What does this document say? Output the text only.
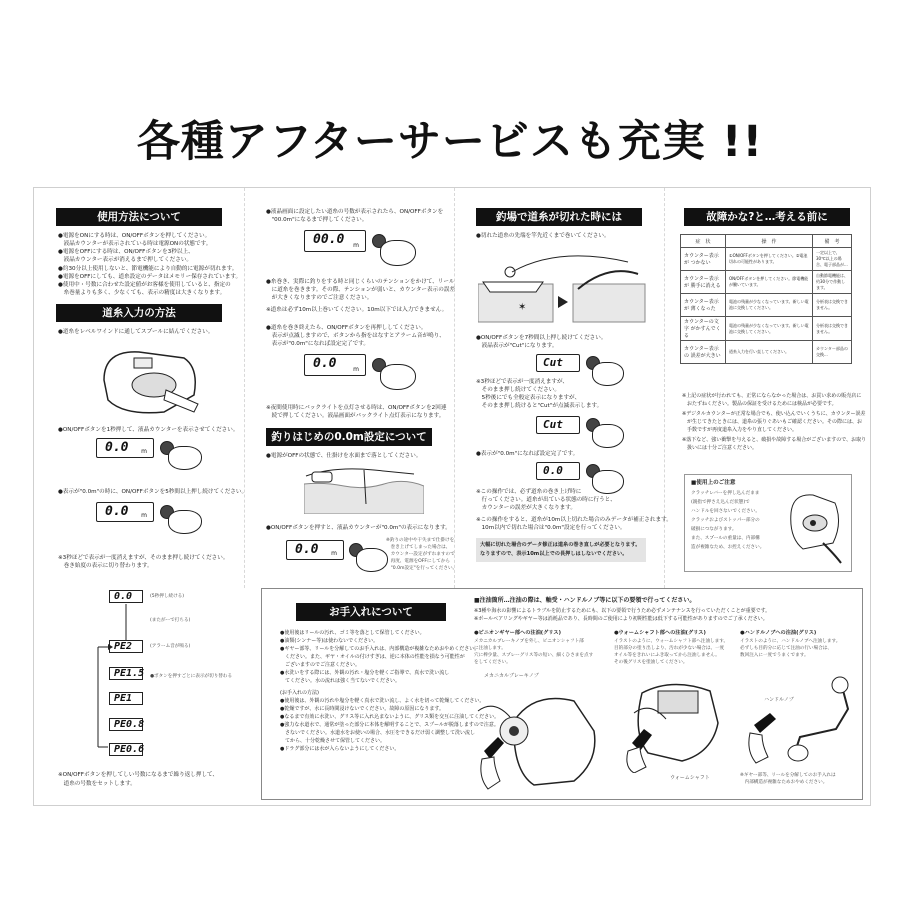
各種アフターサービスも充実 !!
使用方法について
●電源をONにする時は、ON/OFFボタンを押してください。
　液晶カウンターが表示されている時は電源ONの状態です。
●電源をOFFにする時は、ON/OFFボタンを3秒以上、
　液晶カウンター表示が消えるまで押してください。
●約30分以上使用しないと、節電機能により自動的に電源が切れます。
●電源をOFFにしても、道糸設定のデータはメモリー保存されています。
●使用中・号数に合わせた設定値がお客様を使用していると、指定の
　糸巻量よりも多く、少なくても、表示の精度は大きくなります。
道糸入力の方法
●道糸をレベルワインドに通してスプールに結んでください。
●ON/OFFボタンを1秒押して、液晶カウンターを表示させてください。
0.0 m
●表示が"0.0m"の時に、ON/OFFボタンを5秒間以上押し続けてください。
0.0 m
※3秒ほどで表示が一度消えますが、そのまま押し続けてください。
　巻き始度の表示に切り替わります。
0.0	(5秒押し続ける)
(またがーで打ちる)
(アラーム音が鳴る)
PE2
PE1.5
PE1
PE0.8
PE0.6
●ボタンを押すごとに表示が切り替わる
※ON/OFFボタンを押してしい号数になるまで繰り返し押して、
　道糸の号数をセットします。
●液晶画面に設定したい道糸の号数が表示されたら、ON/OFFボタンを
　"00.0m"になるまで押してください。
00.0 m
●糸巻き、実際に釣りをする時と同じくらいのテンションをかけて、リール
　に道糸を巻きます。その際、テンションが弱いと、カウンター表示の誤差
　が大きくなりますのでご注意ください。
※道糸は必ず10m以上巻いてください。10m以下では入力できません。
●道糸を巻き終えたら、ON/OFFボタンを再押ししてください。
　表示が点滅しますので、ボタンから指をはなすとアラーム音が鳴り、
　表示が"0.0m"になれば設定完了です。
0.0	m
※夜間使用時にバックライトを点灯させる時は、ON/OFFボタンを2回連
　続で押してください。液晶画面がバックライト点灯表示になります。
釣りはじめの0.0m設定について
●電源がOFFの状態で、仕掛けを水面まで落としてください。
●ON/OFFボタンを押すと、液晶カウンターが"0.0m"の表示になります。
0.0 m
※釣りの途中や干失まで仕掛けを
　巻き上げてしまった場合は、
　カウンター設定がずれますので
　再度、電源をOFFにしてから
　"0.0m設定"を行ってください。
釣場で道糸が切れた時には
●切れた道糸の先端を竿先近くまで巻いてください。
✶
●ON/OFFボタンを7秒間以上押し続けてください。
　液晶表示が"Cut"になります。
Cut
※3秒ほどで表示が一度消えますが、
　そのまま押し続けてください。
　5秒後にでも全般定表示になりますが、
　そのまま押し続けると"Cut"が点滅表示します。
Cut
●表示が"0.0m"になれば設定完了です。
0.0
※この操作では、必ず道糸の巻き上げ時に
　行ってください。道糸が出ている状態の時に行うと、
　カウンターの誤差が大きくなります。
※この操作をすると、道糸が10m以上切れた場合のみデータが補正されます。
　10m以内で切れた場合は"0.0m"設定を行ってください。
大幅に切れた場合のデータ修正は道糸の巻き直しが必要となります。
なりますので、表示10m以上での長押しはしないでください。
故障かな?と…考える前に
症　状	操　作	備　考
カウンター表示が つかない	①ON/OFFボタンを押してください。②電池切れの可能性があります。	一定以上で、30℃以上の場合、電子部品が...
カウンター表示が 勝手に消える	ON/OFFボタンを押してください。節電機能が働いています。	自動節電機能は、約30分で作動します。
カウンター表示が 薄くなった	電池の残量が少なくなっています。新しい電池に交換してください。	分析表は交換できません。
カウンターの文字 がかすんでくる	電池の残量が少なくなっています。新しい電池に交換してください。	分析表は交換できません。
カウンター表示の 誤差が大きい	道糸入力を行い直してください。	カウンター部品の交換...
※上記の症状が行われても、正常にならなかった場合は、お買い求めの販売店に
　おたずねください。製品の保証を受けるためには検品が必要です。
※デジタルカウンターが正常な場合でも、使い込んでいくうちに、カウンター誤差
　が生じてきたときには、道糸の張りぐあいもご確認ください。その際には、お
　手数ですが再度道糸入力をやり直してください。
※落下など、強い衝撃を与えると、破損や故障する場合がございますので、お取り
　扱いには十分ご注意ください。
■使用上のご注意
クラッチレバーを押し込んだまま
(親指で押さえ込んだ状態)で
ハンドルを回さないでください。
クラッチおよびストッパー部分の
破損につながります。
また、スプールの重量は、内部構
造が複雑なため、お控えください。
お手入れについて
●使用後はリールの汚れ、ゴミ等を落として保管してください。
●油類(シンナー等)は使わないでください。
●ギヤー部等、リールを分解してのお手入れは、内部構造が複雑なためおやめください。
　ください。また、ギヤ・オイルの付けすぎは、逆に本体の性能を損なう可能性が
　ございますのでご注意ください。
●水洗いをする際には、外観の汚れ・塩分を軽くご指導で、真水で洗い流し
　てください。水の流れは強く当てないでください。
(お手入れの方法)
●使用後は、外観の汚れや塩分を軽く真水で洗い流し、よく水を切って乾燥してください。
●乾燥ですが、水に長時間浸けないでください。故障の原因になります。
●なるまで有効に水洗い、グリス等に入れ込まないように、グリス類を交互に注油してください。
●強力な水道水で、通常が塗った部分に本体を解明することで、スプールが脱落しますので注意。
　さないでください。水道水をお使いの場合、水圧をできるだけ弱く調整して洗い流し
　てから、十分乾燥させて保管してください。
●ドラグ部分には水が入らないようにしてください。
■注油箇所…注油の際は、軸受・ハンドルノブ等に以下の要領で行ってください。
※3種や海水の影響によるトラブルを防止するためにも、以下の要領で行うため必ずメンテナンスを行っていただくことが重要です。
※ボールベアリングやギヤー等は消耗品であり、長時間のご使用により初期性能は低下する可能性がありますのでご了承ください。
●ピニオンギヤー部への注油(グリス)
メカニカルブレーキノブを外し、ピニオンシャフト部
に注油します。
穴に棒少量、スプレーグリス等の短い、細くひさまを点す
をしてください。
メカニカルブレーキノブ
●ウォームシャフト部への注油(グリス)
イラストのように、ウォームシャフト部へ注油します。
目的部分の塗り出しより、汚れが少ない場合は、一度
オイル等をきれいにふき取ってから注油しません。
その後グリスを塗油してください。
ウォームシャフト
●ハンドルノブへの注油(グリス)
イラストのように、ハンドルノブへ注油します。
必ずしも目的分に応じて注油の行い場合は、
数回注入に一度でうまくでます。
ハンドルノブ
※ギヤー部等、リールを分解してのお手入れは
　内部構造が複雑なためおやめください。
